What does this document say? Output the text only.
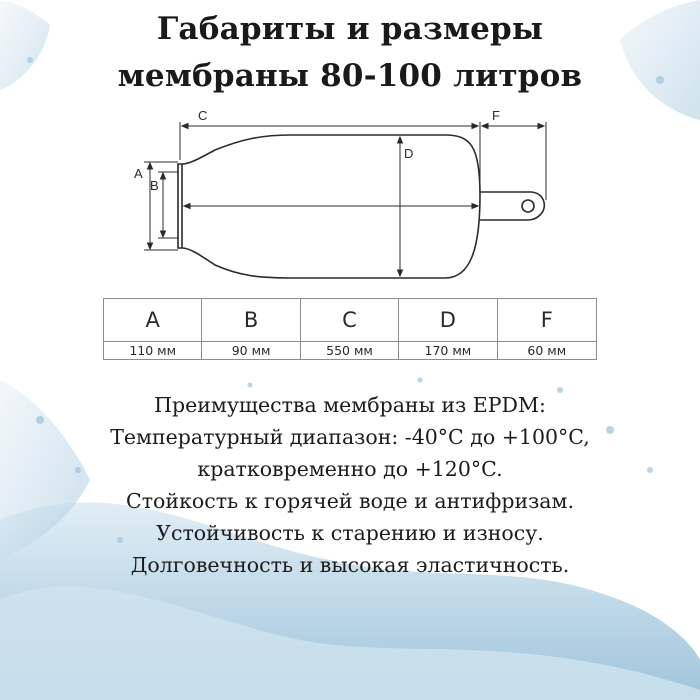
Габариты и размеры
мембраны 80-100 литров
C	F
D
A
B
A	B	C	D	F
110 мм	90 мм	550 мм	170 мм	60 мм
Преимущества мембраны из EPDM:
Температурный диапазон: -40°C до +100°C,
кратковременно до +120°C.
Стойкость к горячей воде и антифризам.
Устойчивость к старению и износу.
Долговечность и высокая эластичность.
